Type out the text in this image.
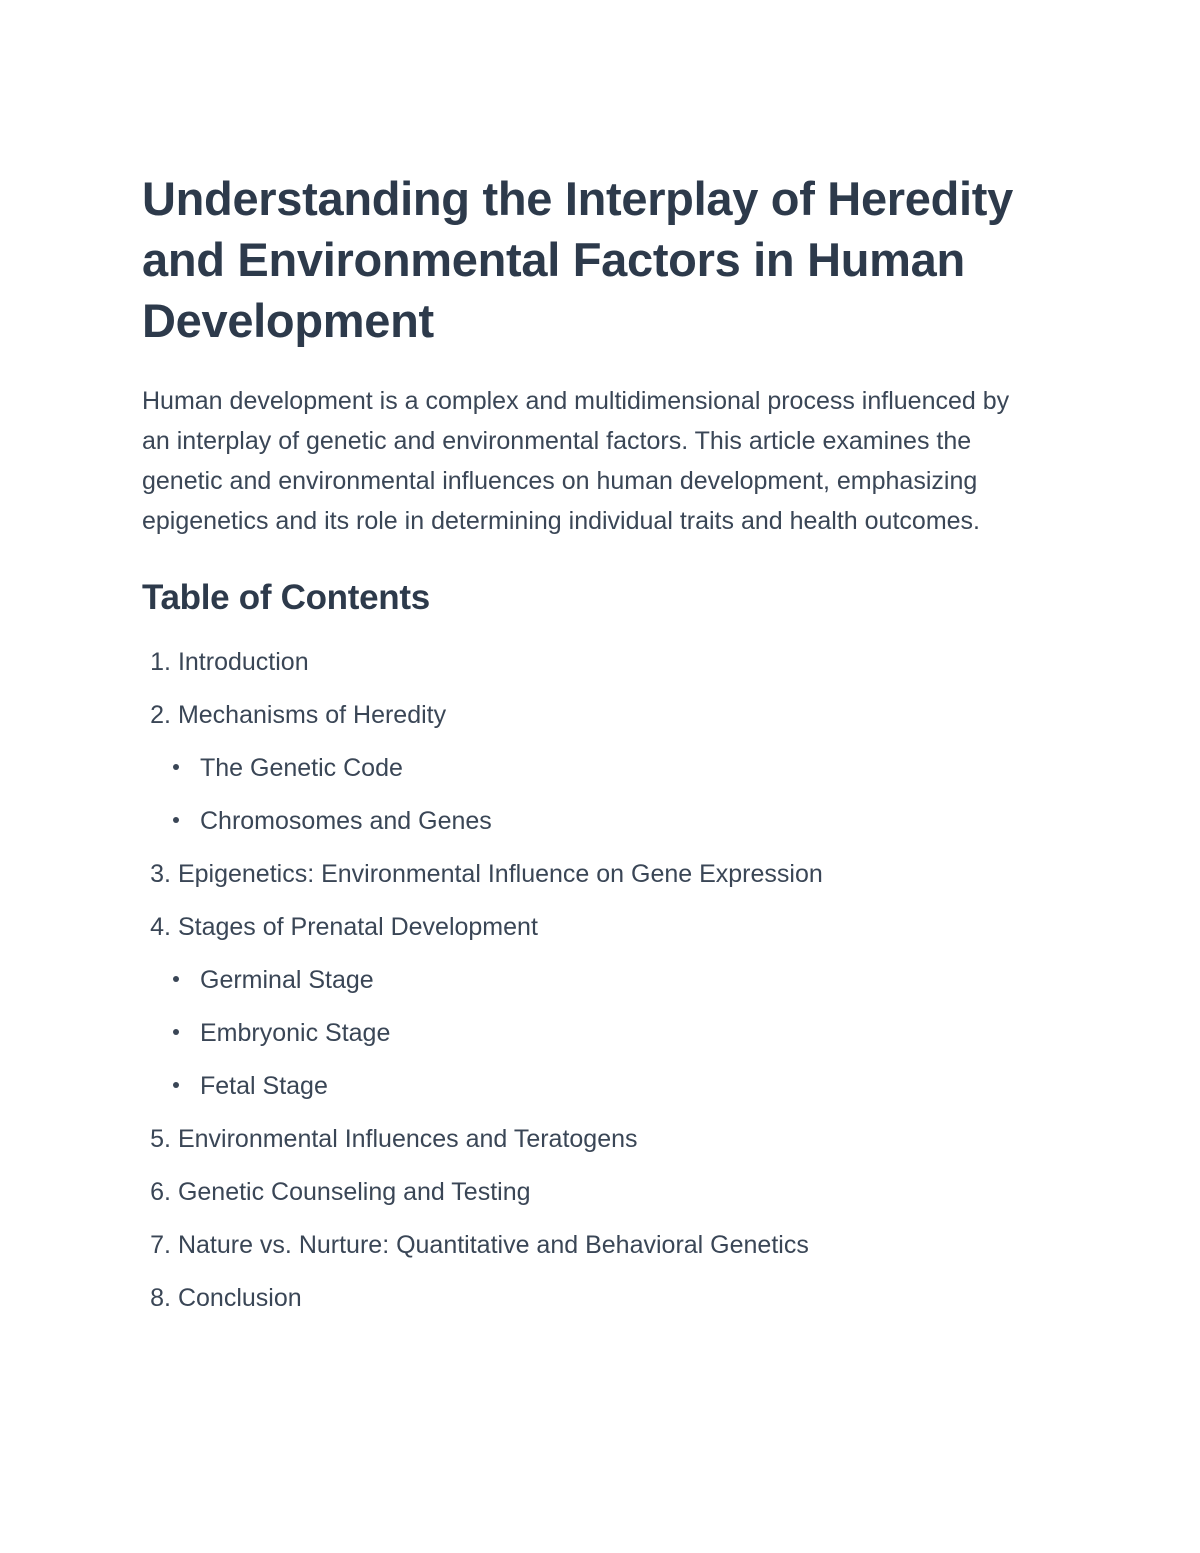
Understanding the Interplay of Heredity and Environmental Factors in Human Development

Human development is a complex and multidimensional process influenced by an interplay of genetic and environmental factors. This article examines the genetic and environmental influences on human development, emphasizing epigenetics and its role in determining individual traits and health outcomes.

Table of Contents
1. Introduction
2. Mechanisms of Heredity
The Genetic Code
Chromosomes and Genes
3. Epigenetics: Environmental Influence on Gene Expression
4. Stages of Prenatal Development
Germinal Stage
Embryonic Stage
Fetal Stage
5. Environmental Influences and Teratogens
6. Genetic Counseling and Testing
7. Nature vs. Nurture: Quantitative and Behavioral Genetics
8. Conclusion
